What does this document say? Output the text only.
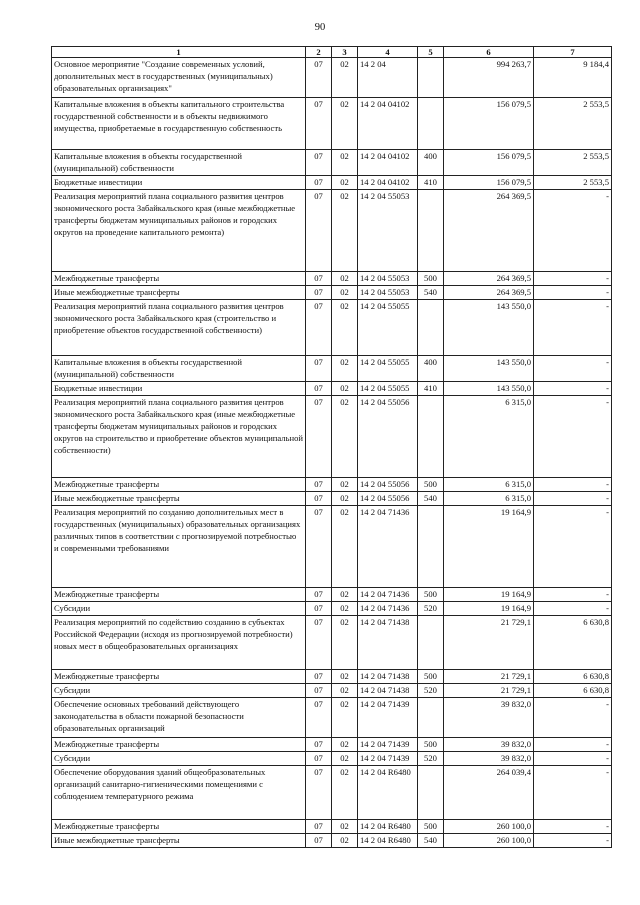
90
1	2	3	4	5	6	7
Основное мероприятие "Создание современных условий, дополнительных мест в государственных (муниципальных) образовательных организациях"	07	02	14 2 04		994 263,7	9 184,4
Капитальные вложения в объекты капитального строительства государственной собственности и в объекты недвижимого имущества, приобретаемые в государственную собственность	07	02	14 2 04 04102		156 079,5	2 553,5
Капитальные вложения в объекты государственной (муниципальной) собственности	07	02	14 2 04 04102	400	156 079,5	2 553,5
Бюджетные инвестиции	07	02	14 2 04 04102	410	156 079,5	2 553,5
Реализация мероприятий плана социального развития центров экономического роста Забайкальского края (иные межбюджетные трансферты бюджетам муниципальных районов и городских округов на проведение капитального ремонта)	07	02	14 2 04 55053		264 369,5	-
Межбюджетные трансферты	07	02	14 2 04 55053	500	264 369,5	-
Иные межбюджетные трансферты	07	02	14 2 04 55053	540	264 369,5	-
Реализация мероприятий плана социального развития центров экономического роста Забайкальского края (строительство и приобретение объектов государственной собственности)	07	02	14 2 04 55055		143 550,0	-
Капитальные вложения в объекты государственной (муниципальной) собственности	07	02	14 2 04 55055	400	143 550,0	-
Бюджетные инвестиции	07	02	14 2 04 55055	410	143 550,0	-
Реализация мероприятий плана социального развития центров экономического роста Забайкальского края (иные межбюджетные трансферты бюджетам муниципальных районов и городских округов на строительство и приобретение объектов муниципальной собственности)	07	02	14 2 04 55056		6 315,0	-
Межбюджетные трансферты	07	02	14 2 04 55056	500	6 315,0	-
Иные межбюджетные трансферты	07	02	14 2 04 55056	540	6 315,0	-
Реализация мероприятий по созданию дополнительных мест в государственных (муниципальных) образовательных организациях различных типов в соответствии с прогнозируемой потребностью и современными требованиями	07	02	14 2 04 71436		19 164,9	-
Межбюджетные трансферты	07	02	14 2 04 71436	500	19 164,9	-
Субсидии	07	02	14 2 04 71436	520	19 164,9	-
Реализация мероприятий по содействию созданию в субъектах Российской Федерации (исходя из прогнозируемой потребности) новых мест в общеобразовательных организациях	07	02	14 2 04 71438		21 729,1	6 630,8
Межбюджетные трансферты	07	02	14 2 04 71438	500	21 729,1	6 630,8
Субсидии	07	02	14 2 04 71438	520	21 729,1	6 630,8
Обеспечение основных требований действующего законодательства в области пожарной безопасности образовательных организаций	07	02	14 2 04 71439		39 832,0	-
Межбюджетные трансферты	07	02	14 2 04 71439	500	39 832,0	-
Субсидии	07	02	14 2 04 71439	520	39 832,0	-
Обеспечение оборудования зданий общеобразовательных организаций санитарно-гигиеническими помещениями с соблюдением температурного режима	07	02	14 2 04 R6480		264 039,4	-
Межбюджетные трансферты	07	02	14 2 04 R6480	500	260 100,0	-
Иные межбюджетные трансферты	07	02	14 2 04 R6480	540	260 100,0	-
